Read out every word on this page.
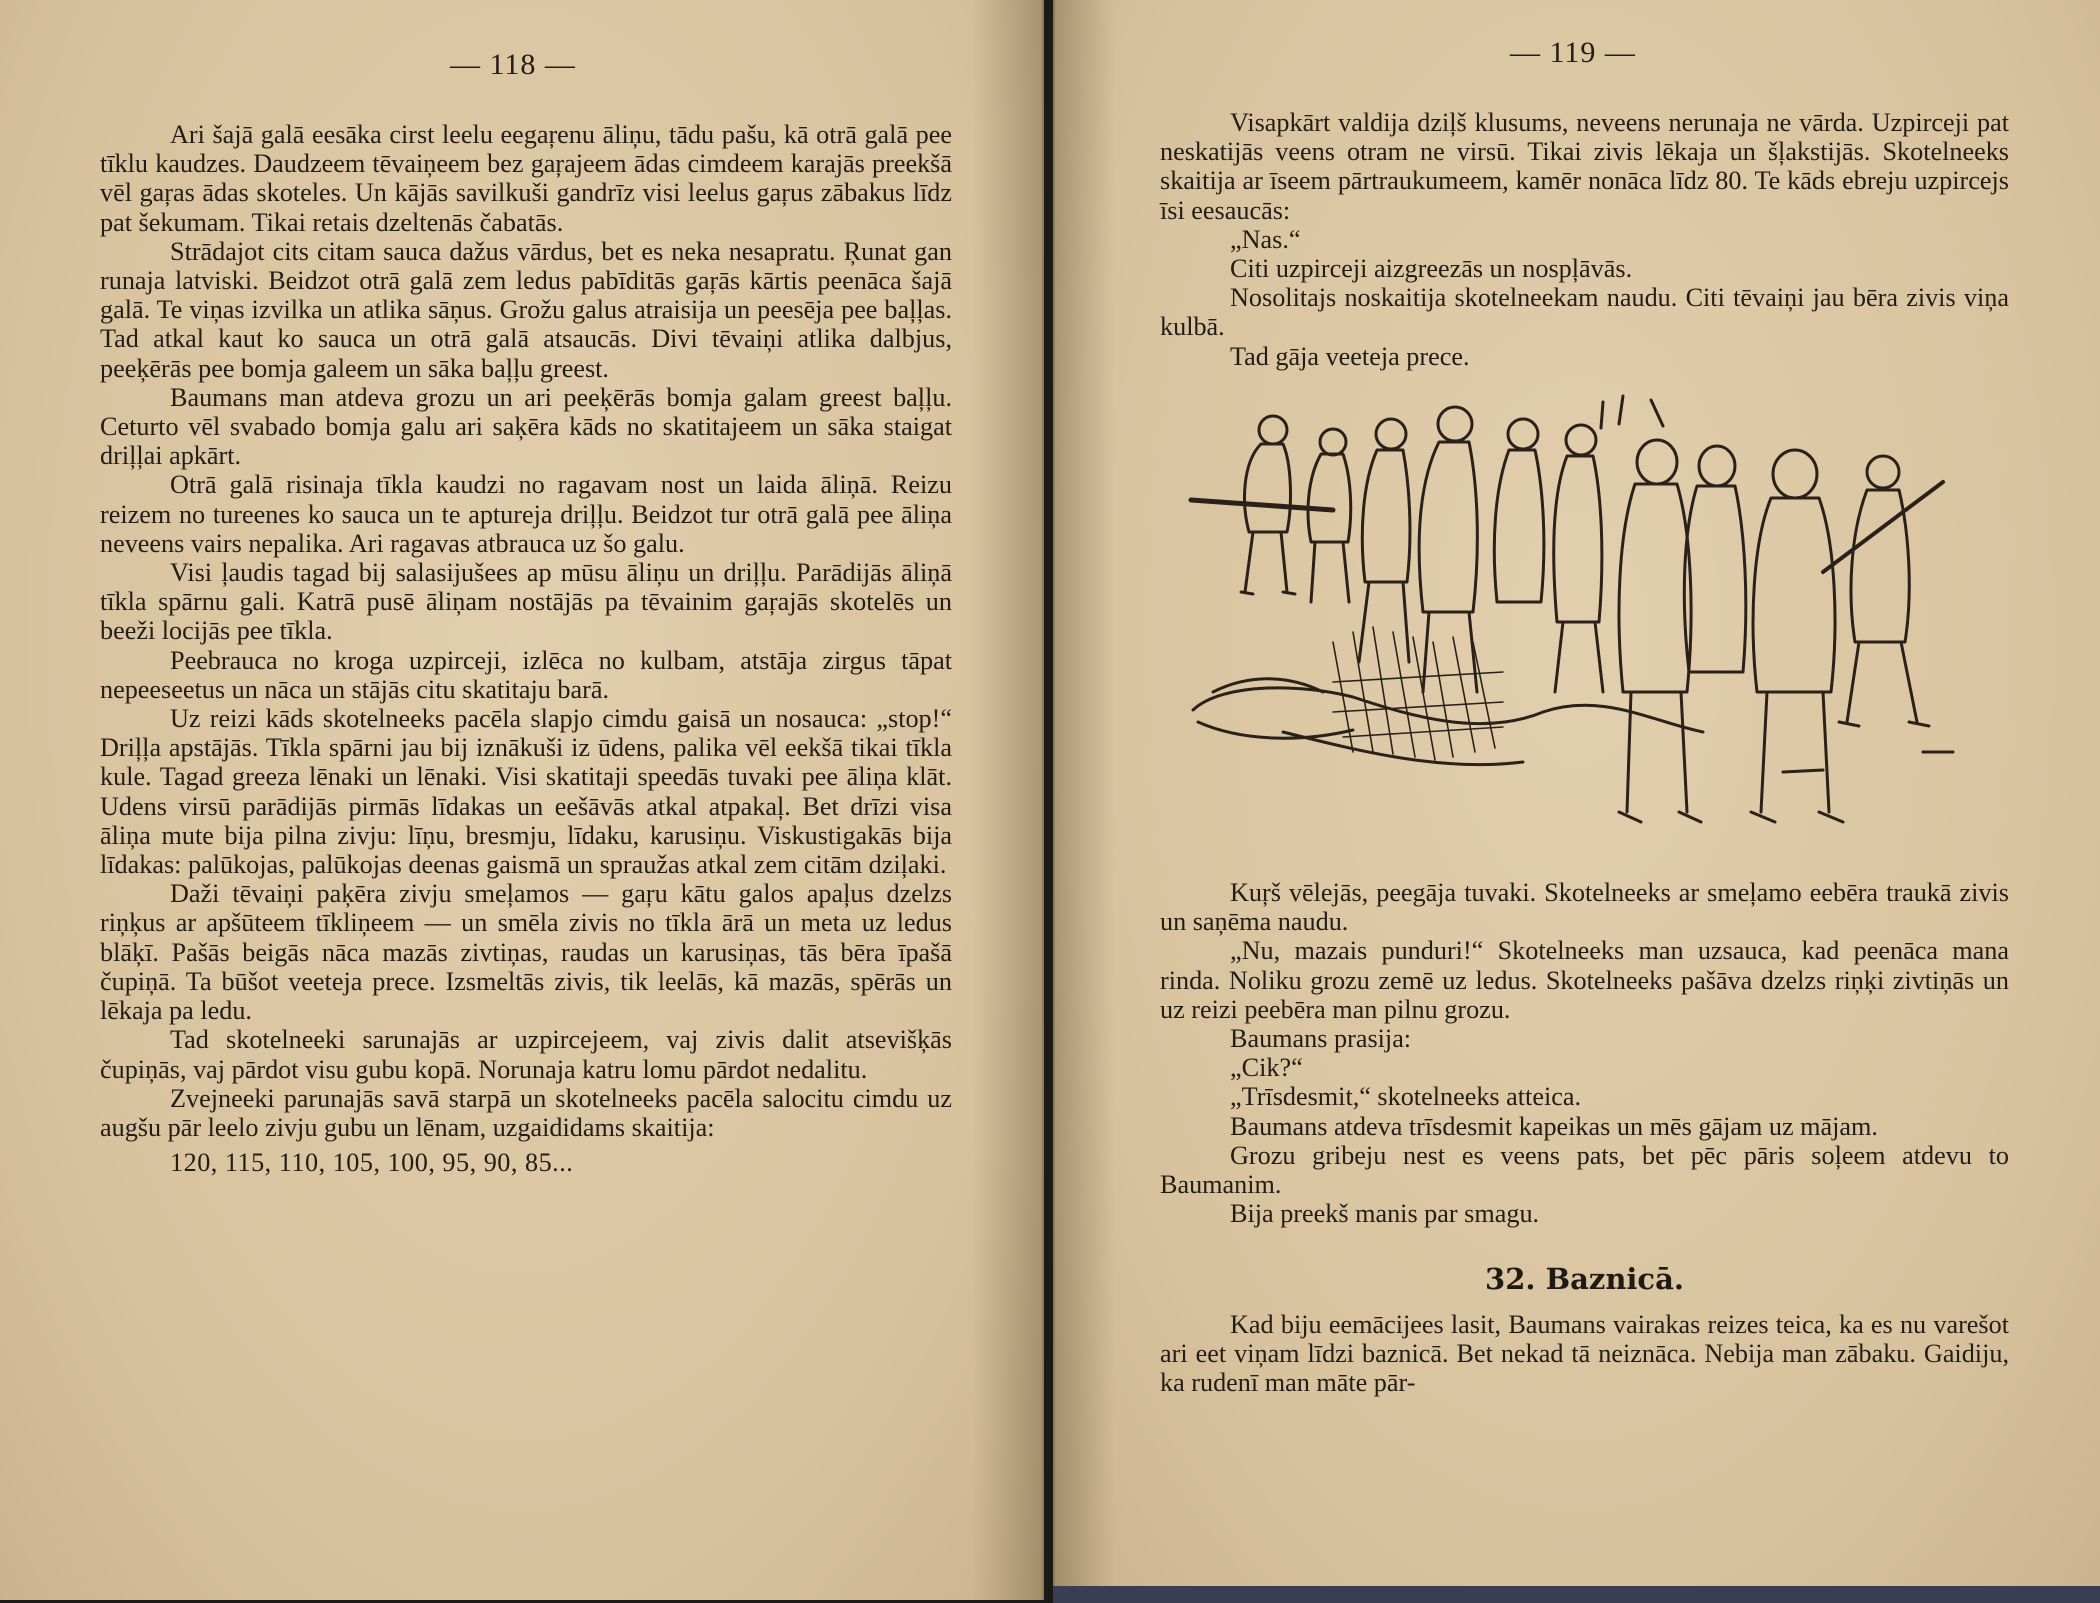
— 118 —

Ari šajā galā eesāka cirst leelu eegaŗenu āliņu, tādu pašu, kā otrā galā pee tīklu kaudzes. Daudzeem tēvaiņeem bez gaŗajeem ādas cimdeem karajās preekšā vēl gaŗas ādas skoteles. Un kājās savilkuši gandrīz visi leelus gaŗus zābakus līdz pat šekumam. Tikai retais dzeltenās čabatās.

Strādajot cits citam sauca dažus vārdus, bet es neka nesapratu. Ŗunat gan runaja latviski. Beidzot otrā galā zem ledus pabīditās gaŗās kārtis peenāca šajā galā. Te viņas izvilka un atlika sāņus. Grožu galus atraisija un peesēja pee baļļas. Tad atkal kaut ko sauca un otrā galā atsaucās. Divi tēvaiņi atlika dalbjus, peeķērās pee bomja galeem un sāka baļļu greest.

Baumans man atdeva grozu un ari peeķērās bomja galam greest baļļu. Ceturto vēl svabado bomja galu ari saķēra kāds no skatitajeem un sāka staigat driļļai apkārt.

Otrā galā risinaja tīkla kaudzi no ragavam nost un laida āliņā. Reizu reizem no tureenes ko sauca un te aptureja driļļu. Beidzot tur otrā galā pee āliņa neveens vairs nepalika. Ari ragavas atbrauca uz šo galu.

Visi ļaudis tagad bij salasijušees ap mūsu āliņu un driļļu. Parādijās āliņā tīkla spārnu gali. Katrā pusē āliņam nostājās pa tēvainim gaŗajās skotelēs un beeži locijās pee tīkla.

Peebrauca no kroga uzpirceji, izlēca no kulbam, atstāja zirgus tāpat nepeeseetus un nāca un stājās citu skatitaju barā.

Uz reizi kāds skotelneeks pacēla slapjo cimdu gaisā un nosauca: „stop!“ Driļļa apstājās. Tīkla spārni jau bij iznākuši iz ūdens, palika vēl eekšā tikai tīkla kule. Tagad greeza lēnaki un lēnaki. Visi skatitaji speedās tuvaki pee āliņa klāt. Udens virsū parādijās pirmās līdakas un eešāvās atkal atpakaļ. Bet drīzi visa āliņa mute bija pilna zivju: līņu, bresmju, līdaku, karusiņu. Viskustigakās bija līdakas: palūkojas, palūkojas deenas gaismā un spraužas atkal zem citām dziļaki.

Daži tēvaiņi paķēra zivju smeļamos — gaŗu kātu galos apaļus dzelzs riņķus ar apšūteem tīkliņeem — un smēla zivis no tīkla ārā un meta uz ledus blāķī. Pašās beigās nāca mazās zivtiņas, raudas un karusiņas, tās bēra īpašā čupiņā. Ta būšot veeteja prece. Izsmeltās zivis, tik leelās, kā mazās, spērās un lēkaja pa ledu.

Tad skotelneeki sarunajās ar uzpircejeem, vaj zivis dalit atsevišķās čupiņās, vaj pārdot visu gubu kopā. Norunaja katru lomu pārdot nedalitu.

Zvejneeki parunajās savā starpā un skotelneeks pacēla salocitu cimdu uz augšu pār leelo zivju gubu un lēnam, uzgaididams skaitija:

120, 115, 110, 105, 100, 95, 90, 85...

— 119 —

Visapkārt valdija dziļš klusums, neveens nerunaja ne vārda. Uzpirceji pat neskatijās veens otram ne virsū. Tikai zivis lēkaja un šļakstijās. Skotelneeks skaitija ar īseem pārtraukumeem, kamēr nonāca līdz 80. Te kāds ebreju uzpircejs īsi eesaucās:

„Nas.“

Citi uzpirceji aizgreezās un nospļāvās.

Nosolitajs noskaitija skotelneekam naudu. Citi tēvaiņi jau bēra zivis viņa kulbā.

Tad gāja veeteja prece.

Kuŗš vēlejās, peegāja tuvaki. Skotelneeks ar smeļamo eebēra traukā zivis un saņēma naudu.

„Nu, mazais punduri!“ Skotelneeks man uzsauca, kad peenāca mana rinda. Noliku grozu zemē uz ledus. Skotelneeks pašāva dzelzs riņķi zivtiņās un uz reizi peebēra man pilnu grozu.

Baumans prasija:

„Cik?“

„Trīsdesmit,“ skotelneeks atteica.

Baumans atdeva trīsdesmit kapeikas un mēs gājam uz mājam.

Grozu gribeju nest es veens pats, bet pēc pāris soļeem atdevu to Baumanim.

Bija preekš manis par smagu.

32. Baznicā.

Kad biju eemācijees lasit, Baumans vairakas reizes teica, ka es nu varešot ari eet viņam līdzi baznicā. Bet nekad tā neiznāca. Nebija man zābaku. Gaidiju, ka rudenī man māte pār-
